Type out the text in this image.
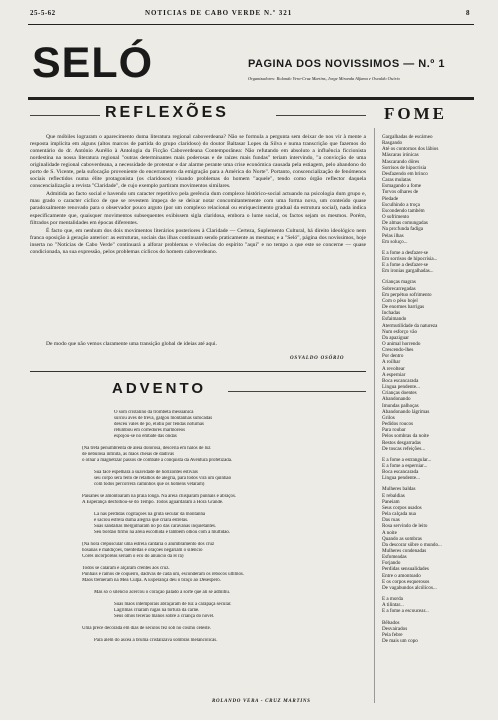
25-5-62	NOTICIAS DE CABO VERDE N.º 321	8
SELÓ	PAGINA DOS NOVISSIMOS — N.º 1
Organizadores: Rolando Vera-Cruz Martins, Jorge Miranda Alfama e Osvaldo Osório
REFLEXÕES

Que móbiles lograram o aparecimento duma literatura regional caboverdeana? Não se formula a pergunta sem deixar de nos vir à mente a resposta implícita em alguns (altos marcos de partida do grupo claridoso) do doutor Baltasar Lopes da Silva e numa transcrição que fazemos do comentário do dr. António Aurélio à Antologia da Ficção Caboverdeana Contemporânea: Não refutando em absoluto a influência ficcionista nordestina na nossa literatura regional "outras determinantes mais poderosas e de raízes mais fundas" teriam intervindo, "a convicção de uma originalidade regional caboverdeana, a necessidade de protestar e dar alarme perante uma crise económica causada pela estiagem, pelo abandono do porto de S. Vicente, pela sufocação proveniente do encerramento da emigração para a América do Norte". Portanto, conscencialização de fenómenos sociais reflectidos numa élite protagonista (os claridosos) visando problemas do homem "aquele", tendo como órgão reflector daquela conscencialização a revista "Claridade", de cujo exemplo partiram movimentos similares.

Admitida ao facto social e havendo um caracter repetitivo pela gerência dum complexo histórico-social actuando na psicologia dum grupo e, mau grado o caracter cíclico de que se revestem impeça de se deixar notar concomitantemente com uma forma nova, um conteúdo quase paradoxalmente renovado para o observador pouco arguto (por um complexo relacional ou enriquecimento gradual da estrutura social), nada indica especificamente que, quaisquer movimentos subsequentes exibissem sigla claridosa, embora o lume social, os factos sejam os mesmos. Porém, filtrados por mentalidades em épocas diferentes.

É facto que, em nenhum dos dois movimentos literários posteriores à Claridade — Certeza, Suplemento Cultural, há direito ideológico nem franca oposição à geração anterior: as estruturas, sociais das ilhas continuam sendo praticamente as mesmas; e a "Seló", página dos novíssimos, hoje inserta no "Notícias de Cabo Verde" continuará a alforar problemas e vivências do espírito "aqui" e no tempo a que este se concerne — quase condicionada, na sua expressão, pelos problemas cíclicos do homem caboverdeano.

De modo que não vemos claramente uma transição global de ideias até aqui.
OSVALDO OSÓRIO
ADVENTO
O som cristalino da trombeta messiânica
sulcou aves de treva, galgou montanhas sufocadas
desceu vales de pó, elidiu por fendas noturnas
retumbou em corredores marmóreos
espojou-se no embate das ondas
(Na treta penumbrenta de aleia dolorosa, desceria em halos de luz
de nebulosa infinita, as mãos cheias de dádivas
o olhar a magnetizar passos de combate à conquista da Aventura profetizada.
Sua face espelhará a suavidade de horizontes estivais
seu corpo será feito de retalhos de alegria, para todos virá um quinhão
com todos percorrerá caminhos que os homens vetaram)
Paisahes se amontoaram na praia longa. Na areia chisparam punhais e abraços.
A Esperança desfolhou-se do Tempo. Todos aguardaram a Hora Grande.
Lá nas perdidas cogitações na gruta secular da montanha
e saciou estrela duma alegria que criara estrelas.
Suas sandálias mergulharam no pó das caravanas inquietantes.
Seu bordão firmo na areia escolhida e também olhou com a multidão.
(Na hora crepuscular uma estrela cantaria o alumbramento dos cruz
hosanas e maldições, bienfeitas e orações negariam o silêncio
Cores incorpóreas seriam o eco do anuncio da H ra)
Todos se calaram e alçaram crentes aos cruz.
Punhais e ramos de coqueiro, dádivas de cada um, esconderam os rebocos ultimos.
Mãos tremeram na Mea Culpa. A Esperança deu o braço ao Desespero.
Mas só o silêncio acercou o coração palado à sorte que ali se admitiu.
Suas mãos intemporais abraçaram de luz a carapaça secular.
Lágrimas criaram rugas na tortura da carne.
Seus olhos tecerão manos sobre a criança do novel.
Uma prece decorada em dias de séculos fez sob no cosmo celeste.
Para além do ascéa a bruma cristalizava sombras melancólicas.
ROLANDO VERA - CRUZ MARTINS
FOME
Gargalhadas de escárneo
Rasgando
Até os contornos dos lábios
Máscaras irónicas
Mascarando dôres
Sorrisos de hipocrisia
Desfazendo em brinco
Caras mulatas
Esmagando a fome
Torvos olhares de
Piedade
Esculhindo a troça
Escondendo também
O sofrimento
De almas comungadas
Na pro:funda fadiga
Pelas ilhas
Em soluço...
E a fome a desfazer-se
Em sorrisos de hipocrisia...
E a fome a desfazer-se
Em ironias gargalhadas...
Crianças magras
Sobrecarregadas
Em perpétuo sofrimento
Com o pêso bojel
De enormes barrigas
Inchadas
Esfaimando
Atermutilidade da natureza
Num esforço vão
Da apaziguar
O animal horrendo
Crescendo-lhes
Por dentro
A roílhar
A revoltear
A esperniar
Boca escancarada
Lingua pendente...
Crianças doentes
Abandonando
Imundas palhoças
Abandonando lágrimas
Grilos
Pedidos roucos
Para roubar
Pelos sombras da noite
Restos desgarradas
De toscas refeições...
E a fome a estrangular...
E a fome a esperniar...
Boca escancarada
Lingua pendente...
Mulheres baldas
E rebaldias
Paneiam
Seus corpos usados
Pela calçada nua
Das ruas
Rosa servindo de leito
A noite
Quando as sombras
Da descorar sôbre o mundo...
Mulheres condenadas
Esfomeadas
Forjando
Perdidas sensualidades
Entre o amontoado
E os corpos esquerosos
De vagabundos alcólicos...
E a morda
A tilintar...
E a fome a escoucear...
Bêbados
Desvairados
Pela febre
De mais um copo
